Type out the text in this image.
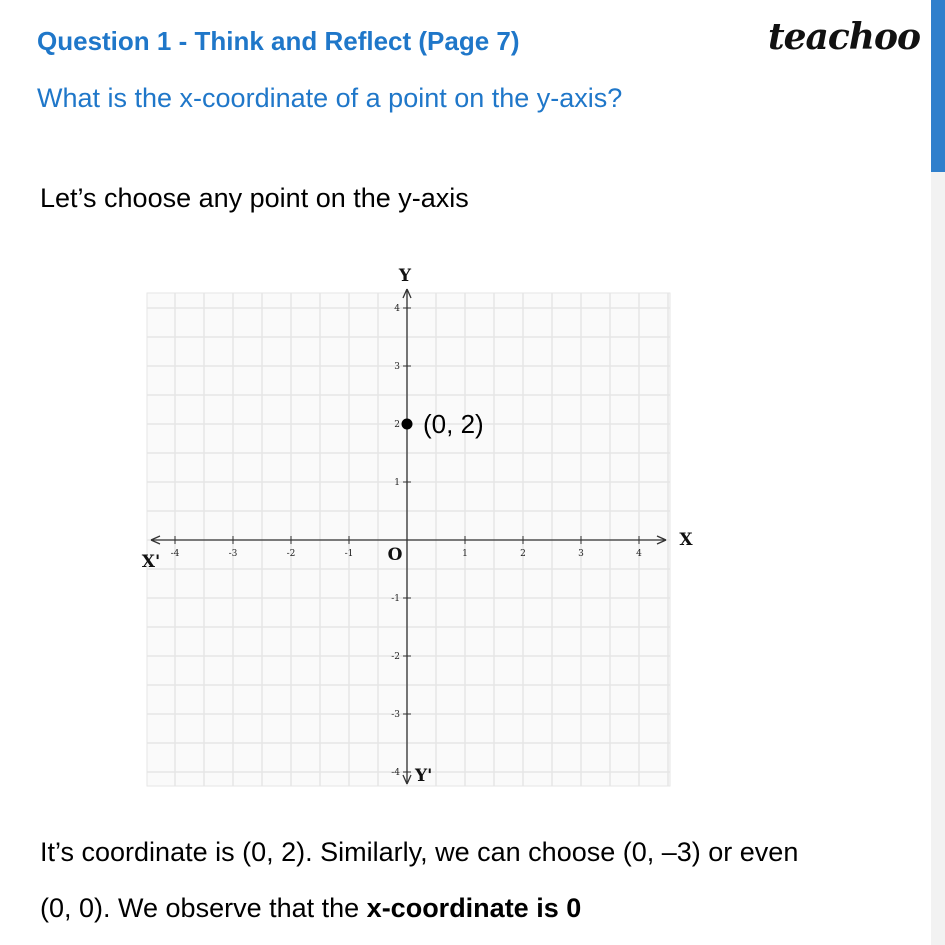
Question 1 - Think and Reflect (Page 7)
What is the x-coordinate of a point on the y-axis?
teachoo
Let’s choose any point on the y-axis
-4	-3	-2	-1	1	2	3	4
-4
-3
-2
-1
1
2
3
4
Y
X
X'
Y'
O
(0, 2)
It’s coordinate is (0, 2). Similarly, we can choose (0, –3) or even
(0, 0). We observe that the x-coordinate is 0
